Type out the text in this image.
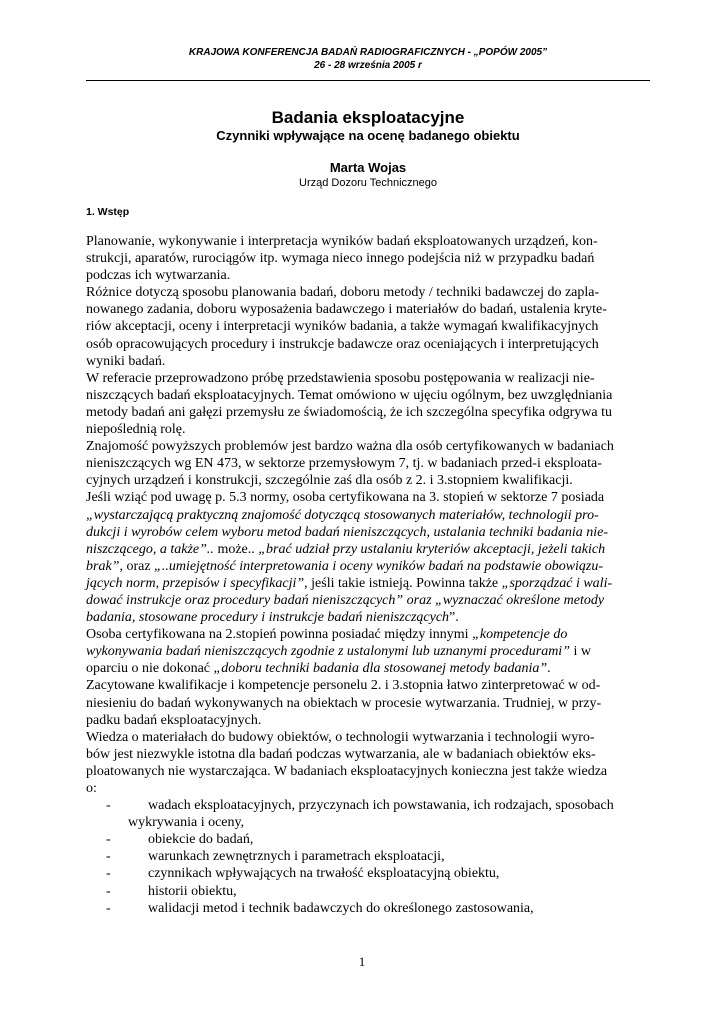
KRAJOWA KONFERENCJA BADAŃ RADIOGRAFICZNYCH - „POPÓW 2005”
26 - 28 września 2005 r
Badania eksploatacyjne
Czynniki wpływające na ocenę badanego obiektu
Marta Wojas
Urząd Dozoru Technicznego
1. Wstęp
Planowanie, wykonywanie i interpretacja wyników badań eksploatowanych urządzeń, kon-
strukcji, aparatów, rurociągów itp. wymaga nieco innego podejścia niż w przypadku badań
podczas ich wytwarzania.
Różnice dotyczą sposobu planowania badań, doboru metody / techniki badawczej do zapla-
nowanego zadania, doboru wyposażenia badawczego i materiałów do badań, ustalenia kryte-
riów akceptacji, oceny i interpretacji wyników badania, a także wymagań kwalifikacyjnych
osób opracowujących procedury i instrukcje badawcze oraz oceniających i interpretujących
wyniki badań.
W referacie przeprowadzono próbę przedstawienia sposobu postępowania w realizacji nie-
niszczących badań eksploatacyjnych. Temat omówiono w ujęciu ogólnym, bez uwzględniania
metody badań ani gałęzi przemysłu ze świadomością, że ich szczególna specyfika odgrywa tu
niepoślednią rolę.
Znajomość powyższych problemów jest bardzo ważna dla osób certyfikowanych w badaniach
nieniszczących wg EN 473, w sektorze przemysłowym 7, tj. w badaniach przed-i eksploata-
cyjnych urządzeń i konstrukcji, szczególnie zaś dla osób z 2. i 3.stopniem kwalifikacji.
Jeśli wziąć pod uwagę p. 5.3 normy, osoba certyfikowana na 3. stopień w sektorze 7 posiada
„wystarczającą praktyczną znajomość dotyczącą stosowanych materiałów, technologii pro-
dukcji i wyrobów celem wyboru metod badań nieniszczących, ustalania techniki badania nie-
niszczącego, a także”.. może.. „brać udział przy ustalaniu kryteriów akceptacji, jeżeli takich
brak”, oraz „..umiejętność interpretowania i oceny wyników badań na podstawie obowiązu-
jących norm, przepisów i specyfikacji”, jeśli takie istnieją. Powinna także „sporządzać i wali-
dować instrukcje oraz procedury badań nieniszczących” oraz „wyznaczać określone metody
badania, stosowane procedury i instrukcje badań nieniszczących”.
Osoba certyfikowana na 2.stopień powinna posiadać między innymi „kompetencje do
wykonywania badań nieniszczących zgodnie z ustalonymi lub uznanymi procedurami” i w
oparciu o nie dokonać „doboru techniki badania dla stosowanej metody badania”.
Zacytowane kwalifikacje i kompetencje personelu 2. i 3.stopnia łatwo zinterpretować w od-
niesieniu do badań wykonywanych na obiektach w procesie wytwarzania. Trudniej, w przy-
padku badań eksploatacyjnych.
Wiedza o materiałach do budowy obiektów, o technologii wytwarzania i technologii wyro-
bów jest niezwykle istotna dla badań podczas wytwarzania, ale w badaniach obiektów eks-
ploatowanych nie wystarczająca. W badaniach eksploatacyjnych konieczna jest także wiedza
o:
-	wadach eksploatacyjnych, przyczynach ich powstawania, ich rodzajach, sposobach
wykrywania i oceny,
-	obiekcie do badań,
-	warunkach zewnętrznych i parametrach eksploatacji,
-	czynnikach wpływających na trwałość eksploatacyjną obiektu,
-	historii obiektu,
-	walidacji metod i technik badawczych do określonego zastosowania,
1
